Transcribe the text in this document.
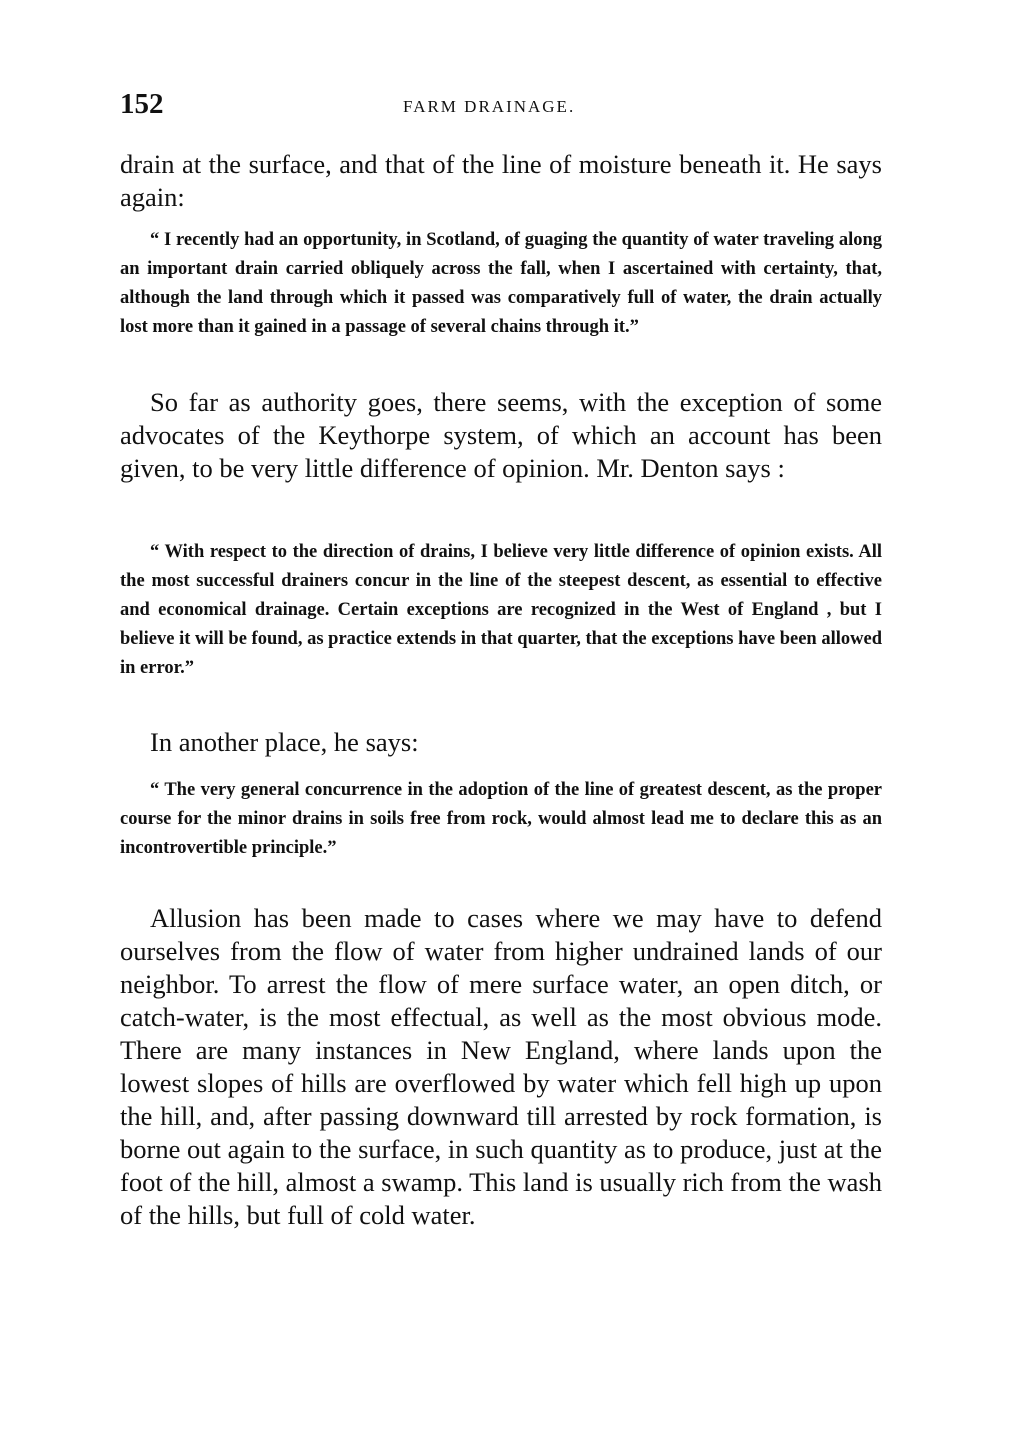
152	FARM DRAINAGE.

drain at the surface, and that of the line of moisture beneath it. He says again:

“ I recently had an opportunity, in Scotland, of guaging the quantity of water traveling along an important drain carried obliquely across the fall, when I ascertained with certainty, that, although the land through which it passed was comparatively full of water, the drain actually lost more than it gained in a passage of several chains through it.”

So far as authority goes, there seems, with the exception of some advocates of the Keythorpe system, of which an account has been given, to be very little difference of opinion. Mr. Denton says :

“ With respect to the direction of drains, I believe very little difference of opinion exists. All the most successful drainers concur in the line of the steepest descent, as essential to effective and economical drainage. Certain exceptions are recognized in the West of England , but I believe it will be found, as practice extends in that quarter, that the exceptions have been allowed in error.”

In another place, he says:

“ The very general concurrence in the adoption of the line of greatest descent, as the proper course for the minor drains in soils free from rock, would almost lead me to declare this as an incontrovertible principle.”

Allusion has been made to cases where we may have to defend ourselves from the flow of water from higher undrained lands of our neighbor. To arrest the flow of mere surface water, an open ditch, or catch-water, is the most effectual, as well as the most obvious mode. There are many instances in New England, where lands upon the lowest slopes of hills are overflowed by water which fell high up upon the hill, and, after passing downward till arrested by rock formation, is borne out again to the surface, in such quantity as to produce, just at the foot of the hill, almost a swamp. This land is usually rich from the wash of the hills, but full of cold water.
